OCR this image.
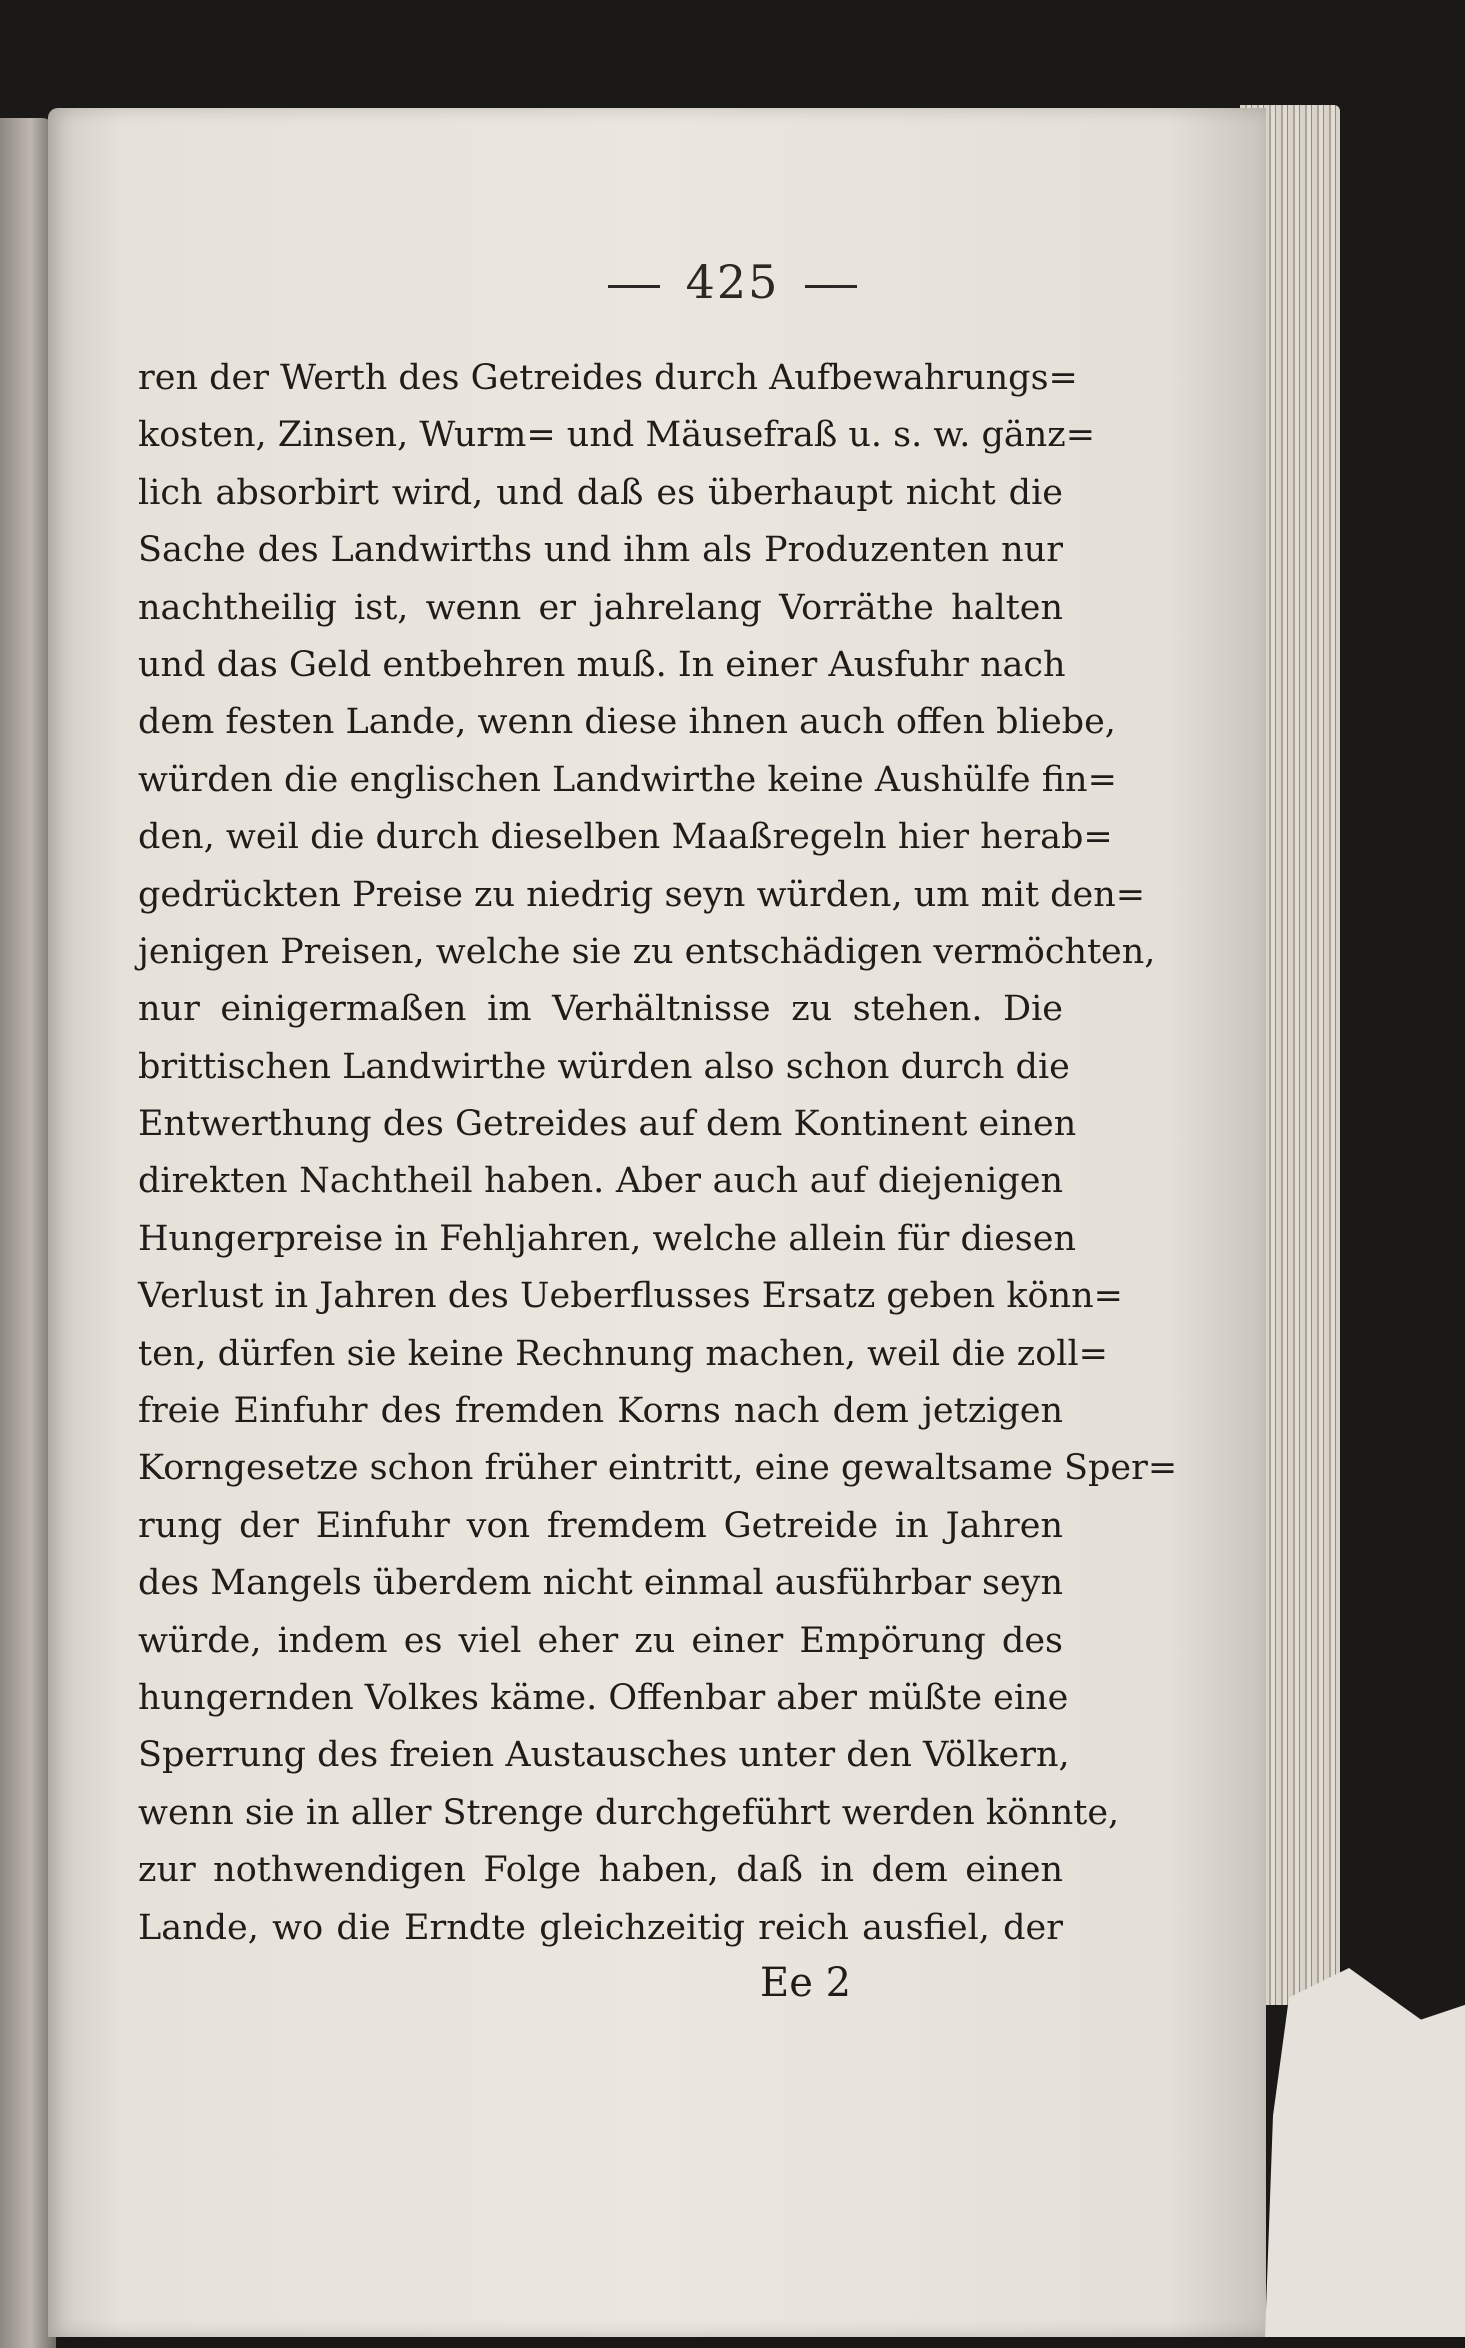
425
ren der Werth des Getreides durch Aufbewahrungs=
kosten, Zinsen, Wurm= und Mäusefraß u. s. w. gänz=
lich absorbirt wird, und daß es überhaupt nicht die
Sache des Landwirths und ihm als Produzenten nur
nachtheilig ist, wenn er jahrelang Vorräthe halten
und das Geld entbehren muß. In einer Ausfuhr nach
dem festen Lande, wenn diese ihnen auch offen bliebe,
würden die englischen Landwirthe keine Aushülfe fin=
den, weil die durch dieselben Maaßregeln hier herab=
gedrückten Preise zu niedrig seyn würden, um mit den=
jenigen Preisen, welche sie zu entschädigen vermöchten,
nur einigermaßen im Verhältnisse zu stehen. Die
brittischen Landwirthe würden also schon durch die
Entwerthung des Getreides auf dem Kontinent einen
direkten Nachtheil haben. Aber auch auf diejenigen
Hungerpreise in Fehljahren, welche allein für diesen
Verlust in Jahren des Ueberflusses Ersatz geben könn=
ten, dürfen sie keine Rechnung machen, weil die zoll=
freie Einfuhr des fremden Korns nach dem jetzigen
Korngesetze schon früher eintritt, eine gewaltsame Sper=
rung der Einfuhr von fremdem Getreide in Jahren
des Mangels überdem nicht einmal ausführbar seyn
würde, indem es viel eher zu einer Empörung des
hungernden Volkes käme. Offenbar aber müßte eine
Sperrung des freien Austausches unter den Völkern,
wenn sie in aller Strenge durchgeführt werden könnte,
zur nothwendigen Folge haben, daß in dem einen
Lande, wo die Erndte gleichzeitig reich ausfiel, der
Ee 2
